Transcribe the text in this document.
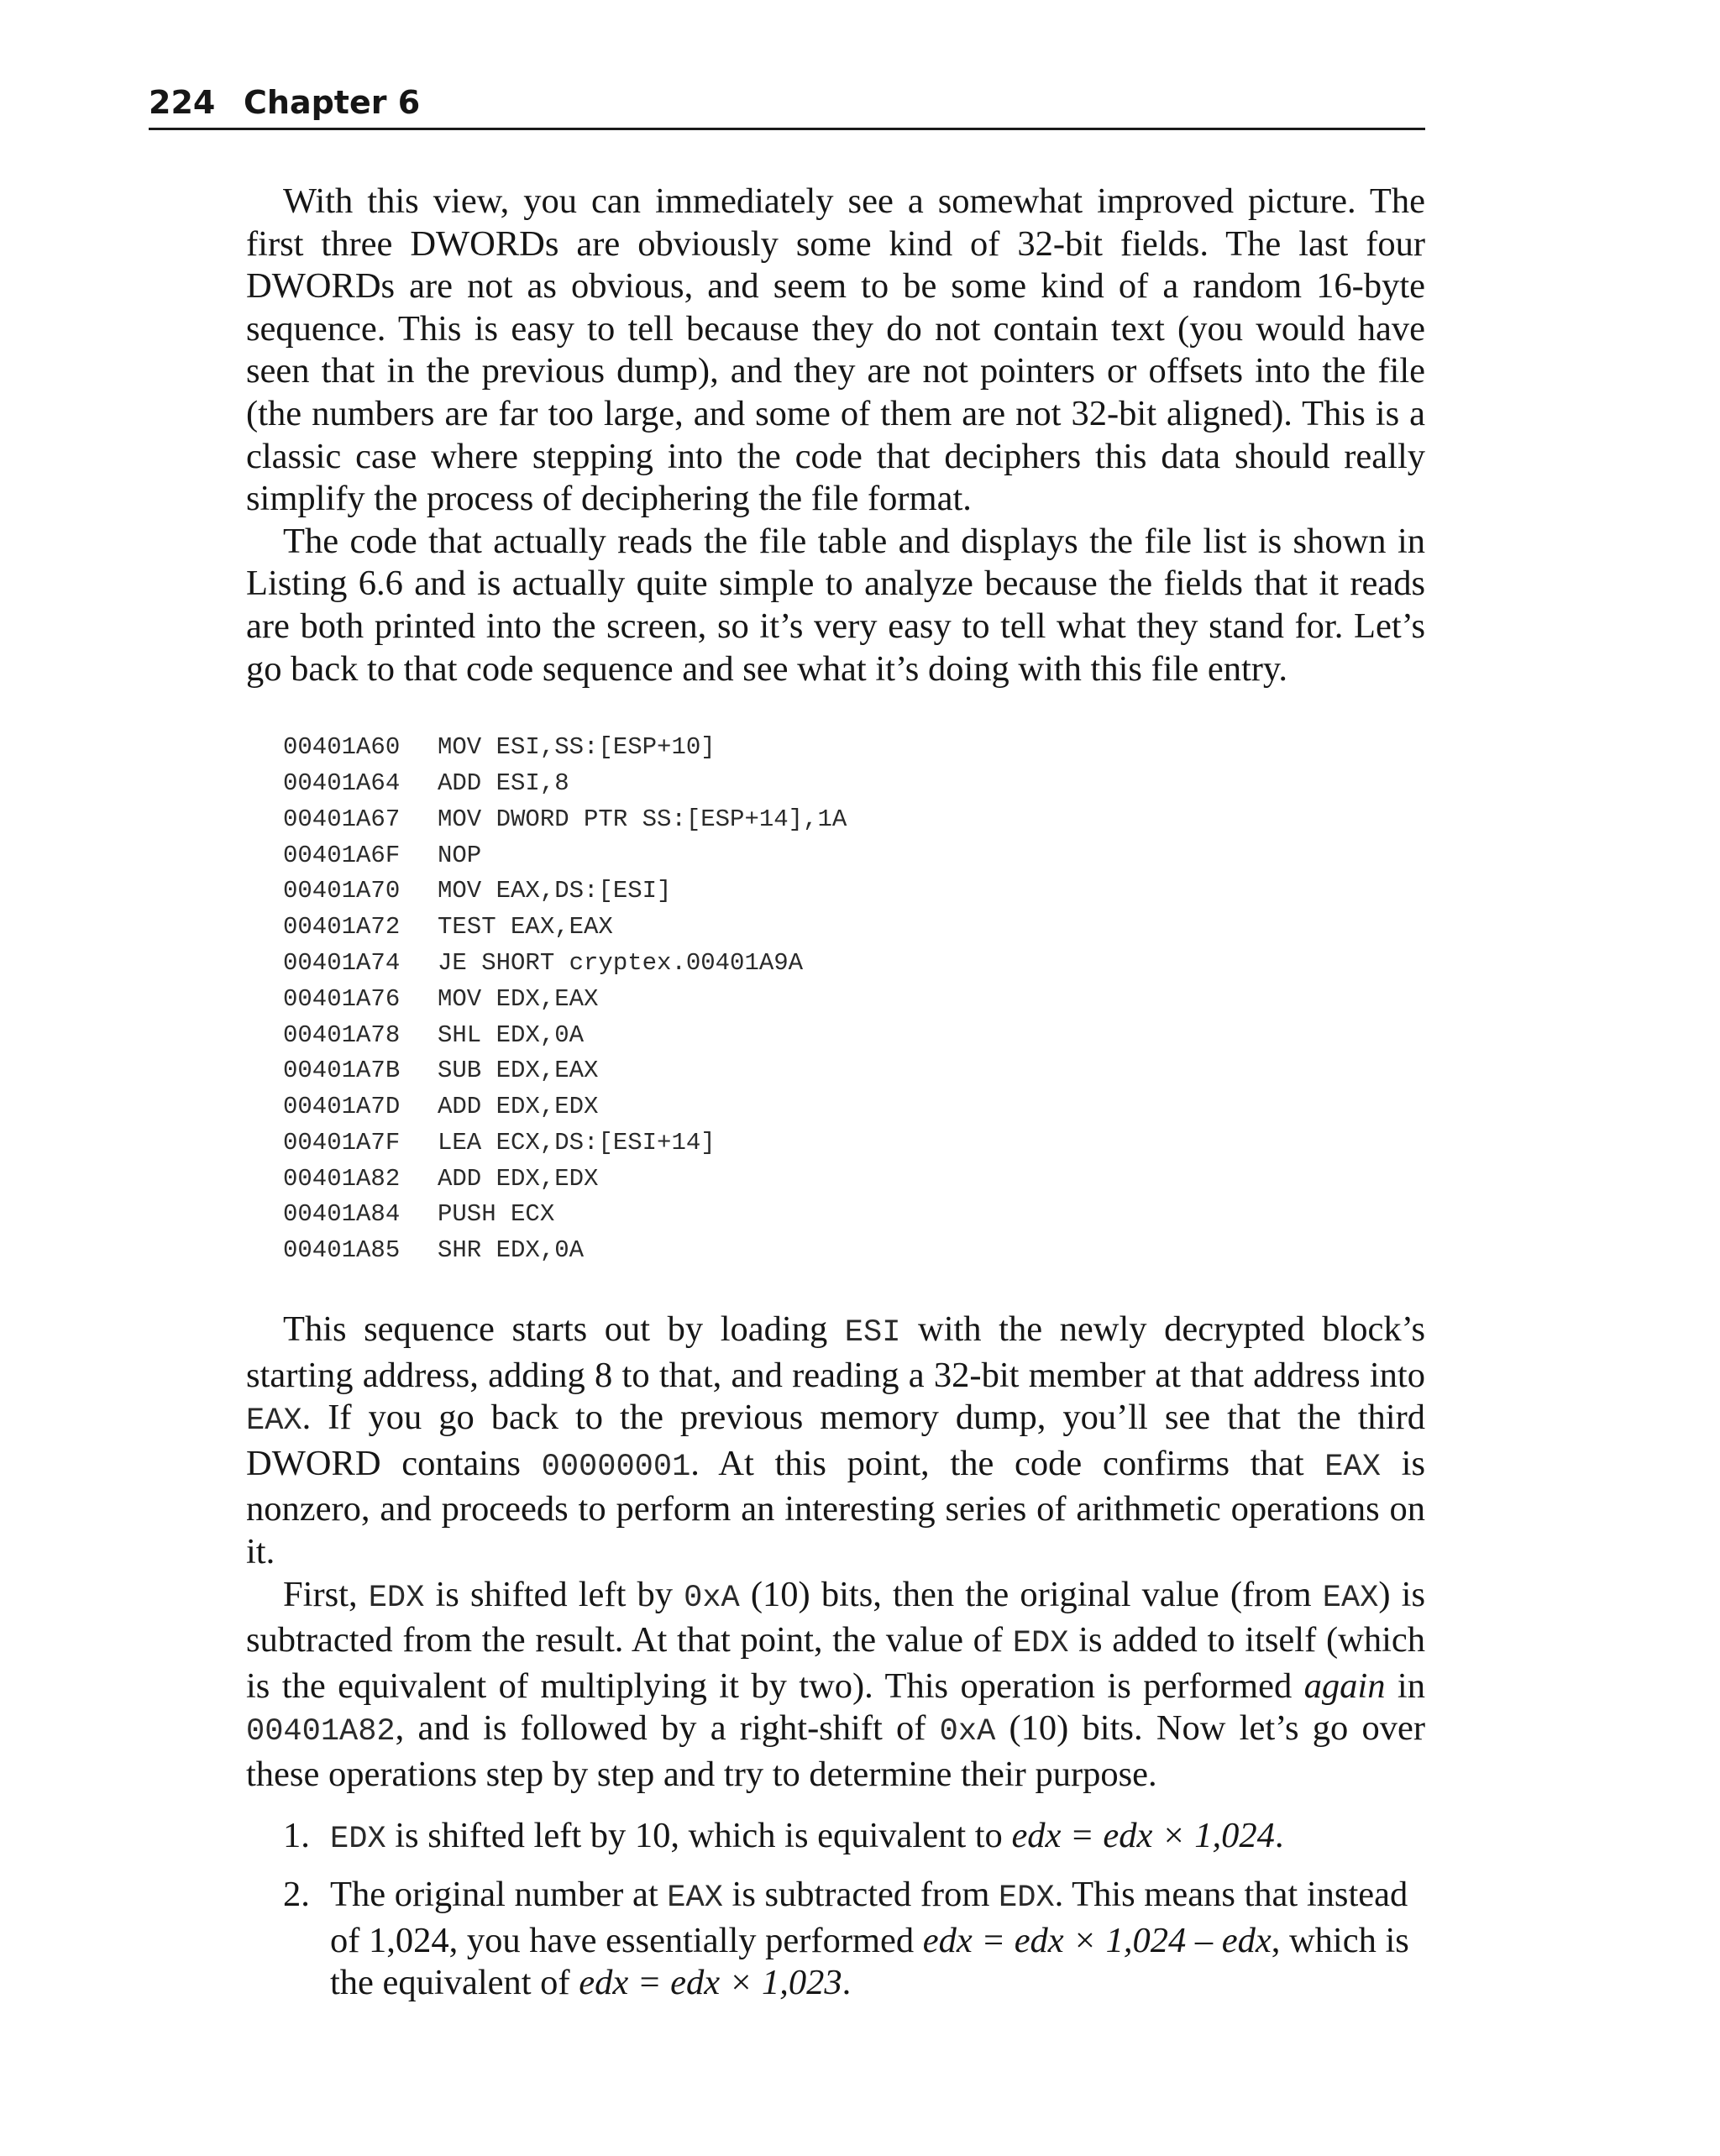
224 Chapter 6

With this view, you can immediately see a somewhat improved picture. The first three DWORDs are obviously some kind of 32-bit fields. The last four DWORDs are not as obvious, and seem to be some kind of a random 16-byte sequence. This is easy to tell because they do not contain text (you would have seen that in the previous dump), and they are not pointers or offsets into the file (the numbers are far too large, and some of them are not 32-bit aligned). This is a classic case where stepping into the code that deciphers this data should really simplify the process of deciphering the file format.

The code that actually reads the file table and displays the file list is shown in Listing 6.6 and is actually quite simple to analyze because the fields that it reads are both printed into the screen, so it’s very easy to tell what they stand for. Let’s go back to that code sequence and see what it’s doing with this file entry.

00401A60 MOV ESI,SS:[ESP+10]
00401A64 ADD ESI,8
00401A67 MOV DWORD PTR SS:[ESP+14],1A
00401A6F NOP
00401A70 MOV EAX,DS:[ESI]
00401A72 TEST EAX,EAX
00401A74 JE SHORT cryptex.00401A9A
00401A76 MOV EDX,EAX
00401A78 SHL EDX,0A
00401A7B SUB EDX,EAX
00401A7D ADD EDX,EDX
00401A7F LEA ECX,DS:[ESI+14]
00401A82 ADD EDX,EDX
00401A84 PUSH ECX
00401A85 SHR EDX,0A

This sequence starts out by loading ESI with the newly decrypted block’s starting address, adding 8 to that, and reading a 32-bit member at that address into EAX. If you go back to the previous memory dump, you’ll see that the third DWORD contains 00000001. At this point, the code confirms that EAX is nonzero, and proceeds to perform an interesting series of arithmetic operations on it.

First, EDX is shifted left by 0xA (10) bits, then the original value (from EAX) is subtracted from the result. At that point, the value of EDX is added to itself (which is the equivalent of multiplying it by two). This operation is performed again in 00401A82, and is followed by a right-shift of 0xA (10) bits. Now let’s go over these operations step by step and try to determine their purpose.

1. EDX is shifted left by 10, which is equivalent to edx = edx × 1,024.
2. The original number at EAX is subtracted from EDX. This means that instead of 1,024, you have essentially performed edx = edx × 1,024 – edx, which is the equivalent of edx = edx × 1,023.
